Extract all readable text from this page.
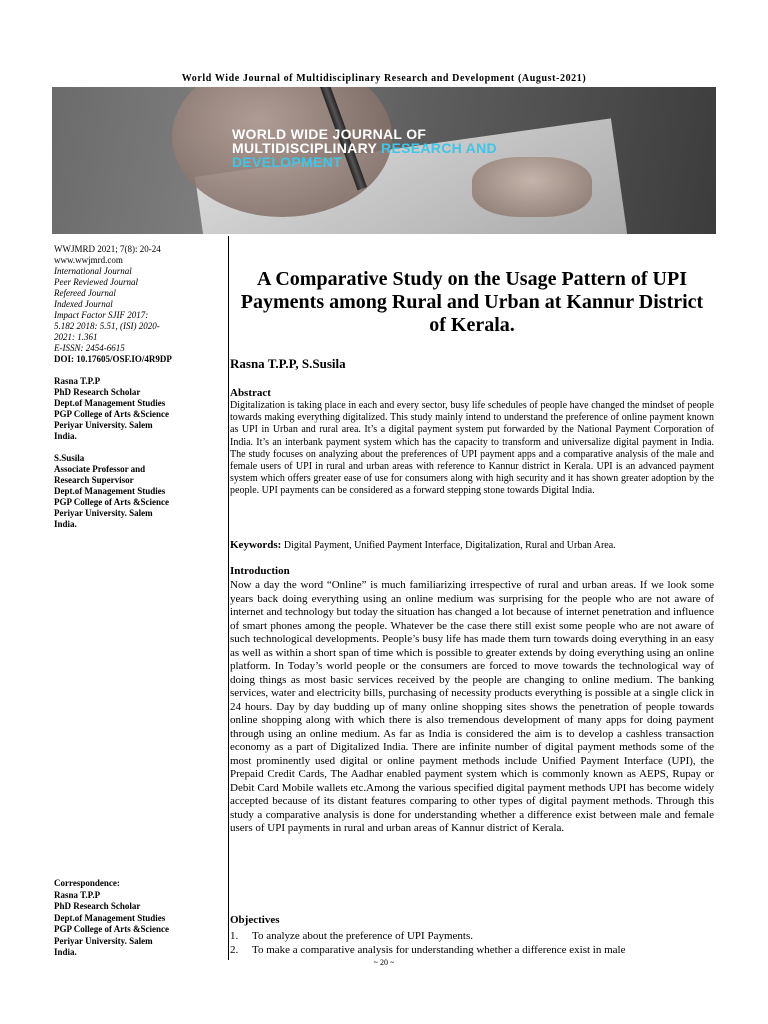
World Wide Journal of Multidisciplinary Research and Development (August-2021)
WORLD WIDE JOURNAL OF
MULTIDISCIPLINARY RESEARCH AND
DEVELOPMENT
WWJMRD 2021; 7(8): 20-24
www.wwjmrd.com
International Journal
Peer Reviewed Journal
Refereed Journal
Indexed Journal
Impact Factor SJIF 2017:
5.182 2018: 5.51, (ISI) 2020-
2021: 1.361
E-ISSN: 2454-6615
DOI: 10.17605/OSF.IO/4R9DP
Rasna T.P.P
PhD Research Scholar
Dept.of Management Studies
PGP College of Arts &Science
Periyar University. Salem
India.
S.Susila
Associate Professor and
Research Supervisor
Dept.of Management Studies
PGP College of Arts &Science
Periyar University. Salem
India.
Correspondence:
Rasna T.P.P
PhD Research Scholar
Dept.of Management Studies
PGP College of Arts &Science
Periyar University. Salem
India.
A Comparative Study on the Usage Pattern of UPI Payments among Rural and Urban at Kannur District of Kerala.
Rasna T.P.P, S.Susila
Abstract
Digitalization is taking place in each and every sector, busy life schedules of people have changed the mindset of people towards making everything digitalized. This study mainly intend to understand the preference of online payment known as UPI in Urban and rural area. It’s a digital payment system put forwarded by the National Payment Corporation of India. It’s an interbank payment system which has the capacity to transform and universalize digital payment in India. The study focuses on analyzing about the preferences of UPI payment apps and a comparative analysis of the male and female users of UPI in rural and urban areas with reference to Kannur district in Kerala. UPI is an advanced payment system which offers greater ease of use for consumers along with high security and it has shown greater adoption by the people. UPI payments can be considered as a forward stepping stone towards Digital India.
Keywords: Digital Payment, Unified Payment Interface, Digitalization, Rural and Urban Area.
Introduction
Now a day the word “Online” is much familiarizing irrespective of rural and urban areas. If we look some years back doing everything using an online medium was surprising for the people who are not aware of internet and technology but today the situation has changed a lot because of internet penetration and influence of smart phones among the people. Whatever be the case there still exist some people who are not aware of such technological developments. People’s busy life has made them turn towards doing everything in an easy as well as within a short span of time which is possible to greater extends by doing everything using an online platform. In Today’s world people or the consumers are forced to move towards the technological way of doing things as most basic services received by the people are changing to online medium. The banking services, water and electricity bills, purchasing of necessity products everything is possible at a single click in 24 hours. Day by day budding up of many online shopping sites shows the penetration of people towards online shopping along with which there is also tremendous development of many apps for doing payment through using an online medium. As far as India is considered the aim is to develop a cashless transaction economy as a part of Digitalized India. There are infinite number of digital payment methods some of the most prominently used digital or online payment methods include Unified Payment Interface (UPI), the Prepaid Credit Cards, The Aadhar enabled payment system which is commonly known as AEPS, Rupay or Debit Card Mobile wallets etc.Among the various specified digital payment methods UPI has become widely accepted because of its distant features comparing to other types of digital payment methods. Through this study a comparative analysis is done for understanding whether a difference exist between male and female users of UPI payments in rural and urban areas of Kannur district of Kerala.
Objectives
1. To analyze about the preference of UPI Payments.
2. To make a comparative analysis for understanding whether a difference exist in male
~ 20 ~
